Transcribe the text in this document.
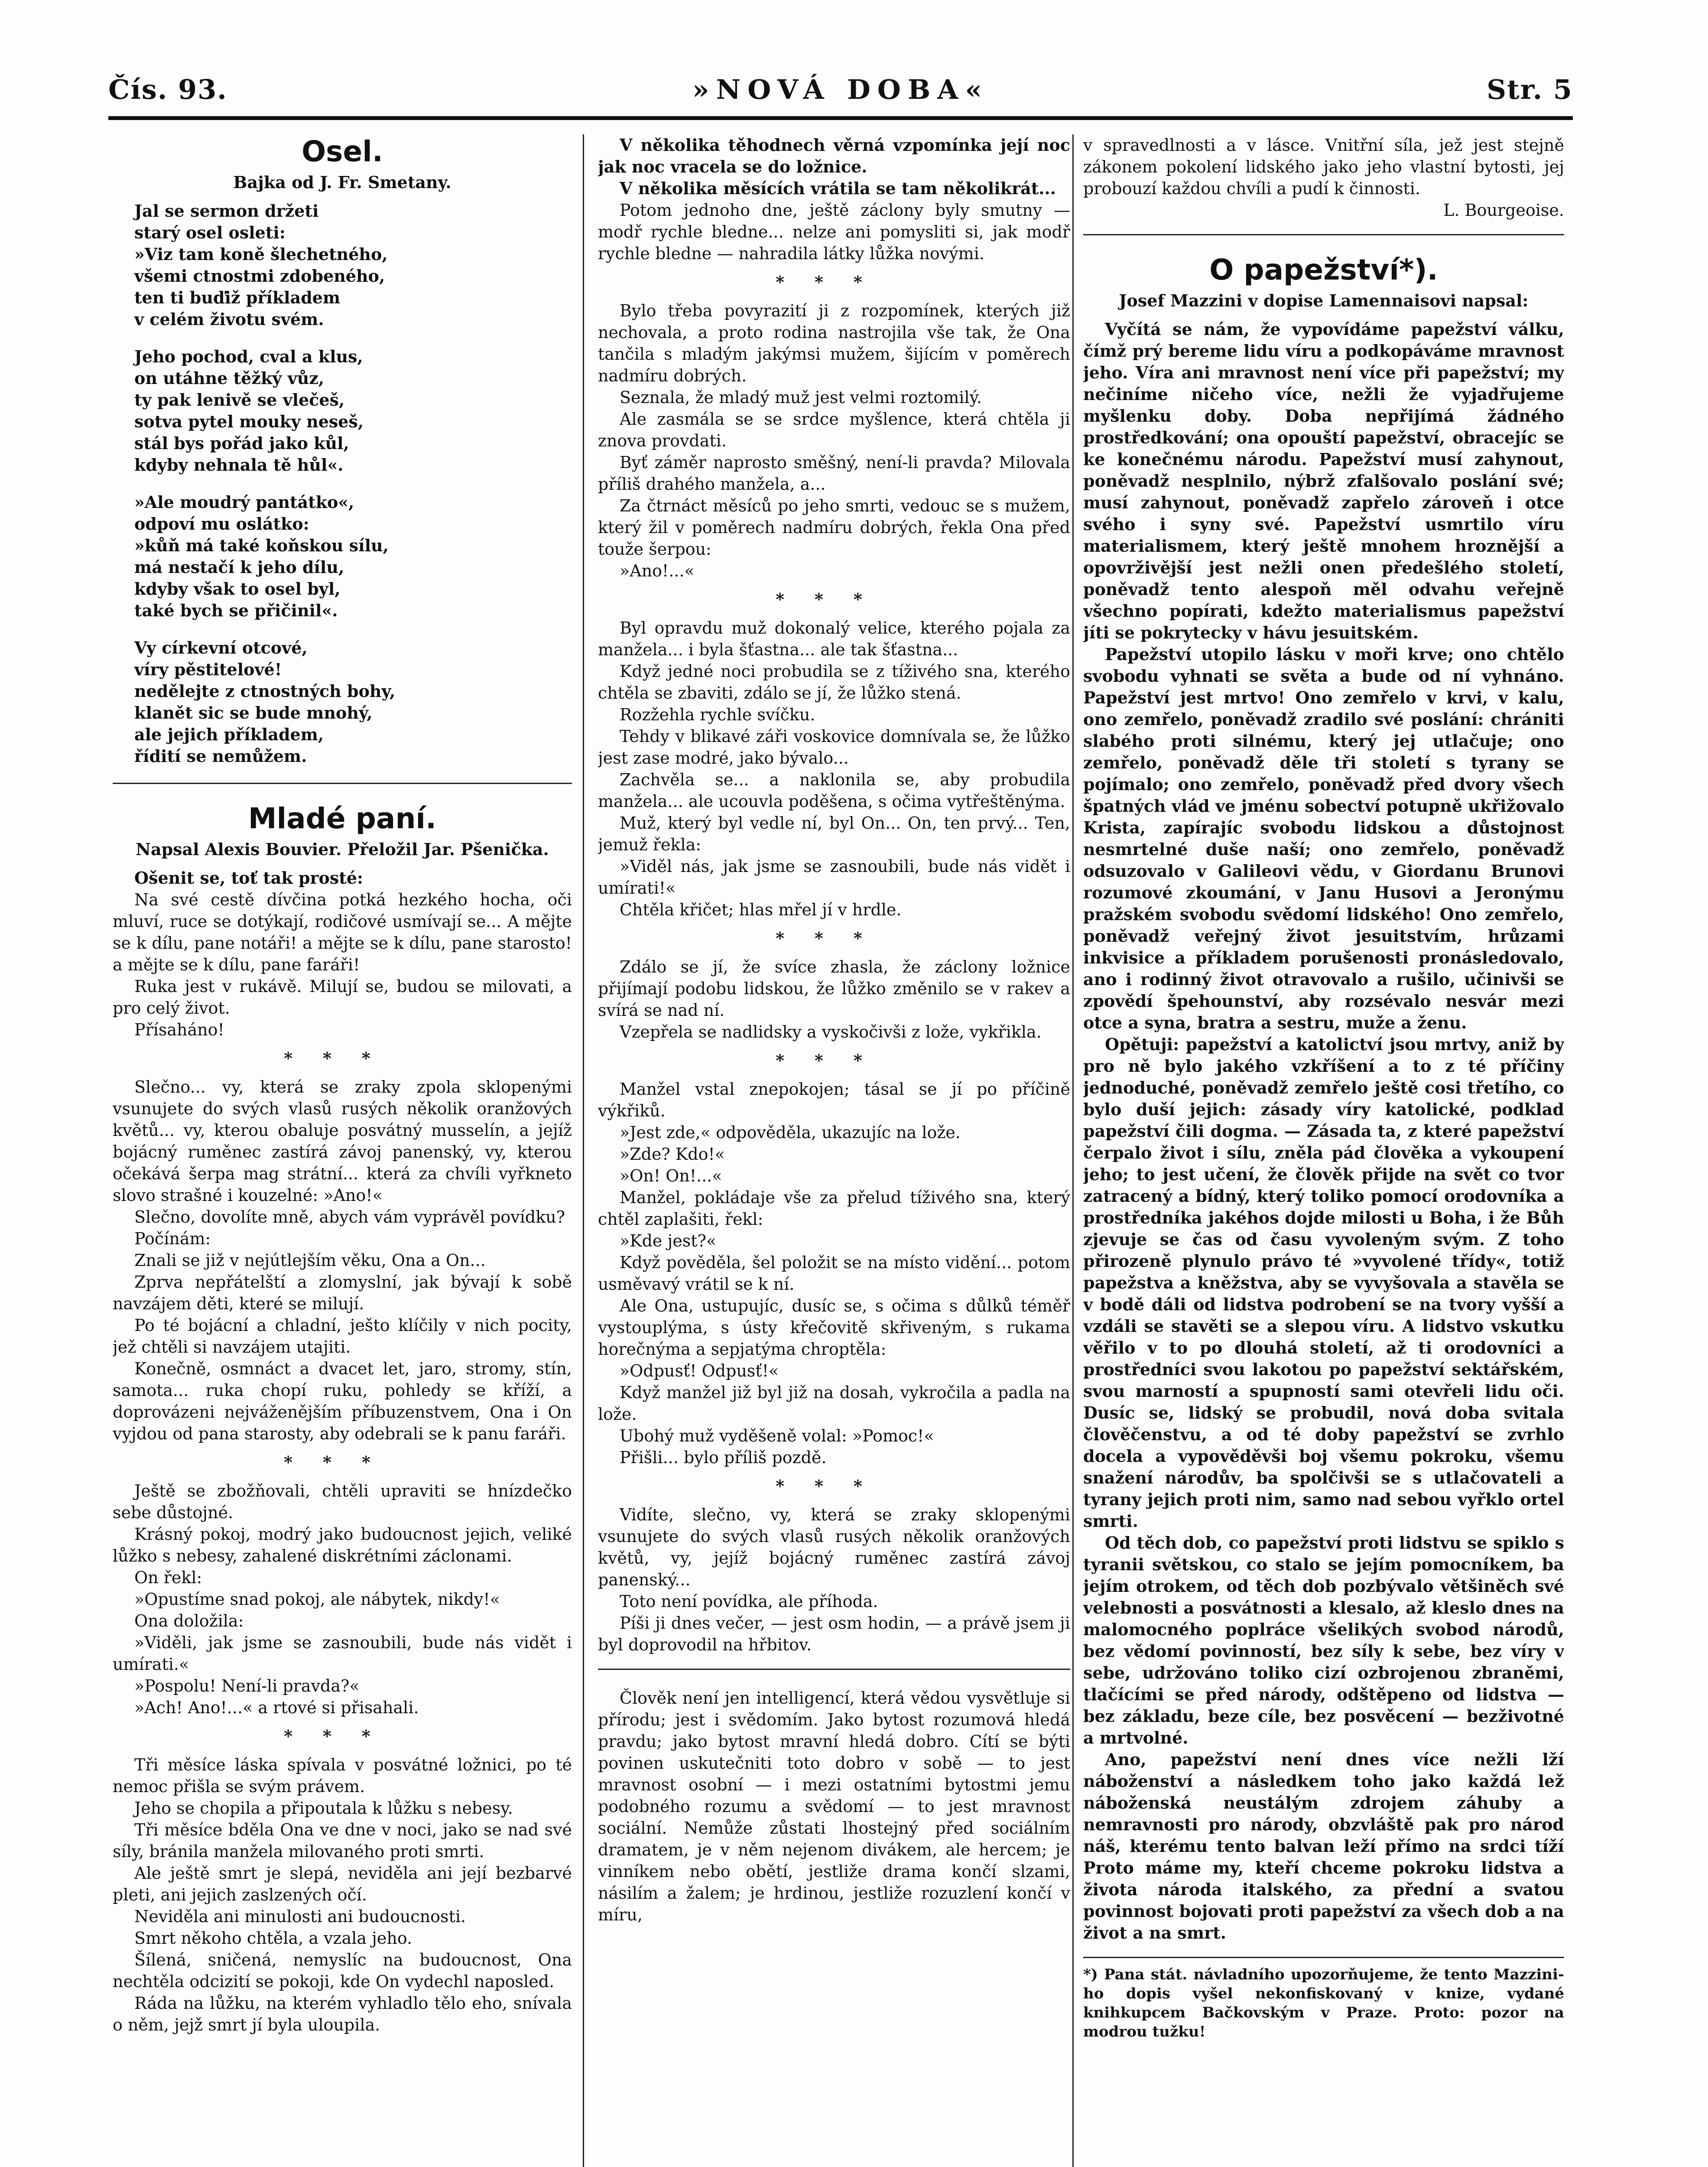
Čís. 93.	»NOVÁ DOBA«	Str. 5
Osel.
Bajka od J. Fr. Smetany.

Jal se sermon držeti
starý osel osleti:
»Viz tam koně šlechetného,
všemi ctnostmi zdobeného,
ten ti buďiž příkladem
v celém životu svém.

Jeho pochod, cval a klus,
on utáhne těžký vůz,
ty pak lenivě se vlečeš,
sotva pytel mouky neseš,
stál bys pořád jako kůl,
kdyby nehnala tě hůl«.

»Ale moudrý pantátko«,
odpoví mu oslátko:
»kůň má také koňskou sílu,
má nestačí k jeho dílu,
kdyby však to osel byl,
také bych se přičinil«.

Vy církevní otcové,
víry pěstitelové!
nedělejte z ctnostných bohy,
klanět sic se bude mnohý,
ale jejich příkladem,
řídití se nemůžem.

Mladé paní.
Napsal Alexis Bouvier. Přeložil Jar. Pšenička.

Ošenit se, toť tak prosté:

Na své cestě dívčina potká hezkého hocha, oči mluví, ruce se dotýkají, rodičové usmívají se... A mějte se k dílu, pane notáři! a mějte se k dílu, pane starosto! a mějte se k dílu, pane faráři!

Ruka jest v rukávě. Milují se, budou se milovati, a pro celý život.

Přísaháno!

***

Slečno... vy, která se zraky zpola sklopenými vsunujete do svých vlasů rusých několik oranžových květů... vy, kterou obaluje posvátný musselín, a jejíž bojácný ruměnec zastírá závoj panenský, vy, kterou očekává šerpa mag strátní... která za chvíli vyřkneto slovo strašné i kouzelné: »Ano!«

Slečno, dovolíte mně, abych vám vyprávěl povídku?

Počínám:

Znali se již v nejútlejším věku, Ona a On...

Zprva nepřátelští a zlomyslní, jak bývají k sobě navzájem děti, které se milují.

Po té bojácní a chladní, ješto klíčily v nich pocity, jež chtěli si navzájem utajiti.

Konečně, osmnáct a dvacet let, jaro, stromy, stín, samota... ruka chopí ruku, pohledy se kříží, a doprovázeni nejváženějším příbuzenstvem, Ona i On vyjdou od pana starosty, aby odebrali se k panu faráři.

***

Ještě se zbožňovali, chtěli upraviti se hnízdečko sebe důstojné.

Krásný pokoj, modrý jako budoucnost jejich, veliké lůžko s nebesy, zahalené diskrétními záclonami.

On řekl:

»Opustíme snad pokoj, ale nábytek, nikdy!«

Ona doložila:

»Viděli, jak jsme se zasnoubili, bude nás vidět i umírati.«

»Pospolu! Není-li pravda?«

»Ach! Ano!...« a rtové si přisahali.

***

Tři měsíce láska spívala v posvátné ložnici, po té nemoc přišla se svým právem.

Jeho se chopila a připoutala k lůžku s nebesy.

Tři měsíce bděla Ona ve dne v noci, jako se nad své síly, bránila manžela milovaného proti smrti.

Ale ještě smrt je slepá, neviděla ani její bezbarvé pleti, ani jejich zaslzených očí.

Neviděla ani minulosti ani budoucnosti.

Smrt někoho chtěla, a vzala jeho.

Šílená, sničená, nemyslíc na budoucnost, Ona nechtěla odcizití se pokoji, kde On vydechl naposled.

Ráda na lůžku, na kterém vyhladlo tělo eho, snívala o něm, jejž smrt jí byla uloupila.

V několika těhodnech věrná vzpomínka její noc jak noc vracela se do ložnice.

V několika měsících vrátila se tam několikrát...

Potom jednoho dne, ještě záclony byly smutny — modř rychle bledne... nelze ani pomysliti si, jak modř rychle bledne — nahradila látky lůžka novými.

***

Bylo třeba povyrazití ji z rozpomínek, kterých již nechovala, a proto rodina nastrojila vše tak, že Ona tančila s mladým jakýmsi mužem, šijícím v poměrech nadmíru dobrých.

Seznala, že mladý muž jest velmi roztomilý.

Ale zasmála se se srdce myšlence, která chtěla ji znova provdati.

Byť záměr naprosto směšný, není-li pravda? Milovala příliš drahého manžela, a...

Za čtrnáct měsíců po jeho smrti, vedouc se s mužem, který žil v poměrech nadmíru dobrých, řekla Ona před touže šerpou:

»Ano!...«

***

Byl opravdu muž dokonalý velice, kterého pojala za manžela... i byla šťastna... ale tak šťastna...

Když jedné noci probudila se z tíživého sna, kterého chtěla se zbaviti, zdálo se jí, že lůžko stená.

Rozžehla rychle svíčku.

Tehdy v blikavé záři voskovice domnívala se, že lůžko jest zase modré, jako bývalo...

Zachvěla se... a naklonila se, aby probudila manžela... ale ucouvla poděšena, s očima vytřeštěnýma.

Muž, který byl vedle ní, byl On... On, ten prvý... Ten, jemuž řekla:

»Viděl nás, jak jsme se zasnoubili, bude nás vidět i umírati!«

Chtěla křičet; hlas mřel jí v hrdle.

***

Zdálo se jí, že svíce zhasla, že záclony ložnice přijímají podobu lidskou, že lůžko změnilo se v rakev a svírá se nad ní.

Vzepřela se nadlidsky a vyskočivši z lože, vykřikla.

***

Manžel vstal znepokojen; tásal se jí po příčině výkřiků.

»Jest zde,« odpověděla, ukazujíc na lože.

»Zde? Kdo!«

»On! On!...«

Manžel, pokládaje vše za přelud tíživého sna, který chtěl zaplašiti, řekl:

»Kde jest?«

Když pověděla, šel položit se na místo vidění... potom usměvavý vrátil se k ní.

Ale Ona, ustupujíc, dusíc se, s očima s důlků téměř vystouplýma, s ústy křečovitě skřiveným, s rukama horečnýma a sepjatýma chroptěla:

»Odpusť! Odpusť!«

Když manžel již byl již na dosah, vykročila a padla na lože.

Ubohý muž vyděšeně volal: »Pomoc!«

Přišli... bylo příliš pozdě.

***

Vidíte, slečno, vy, která se zraky sklopenými vsunujete do svých vlasů rusých několik oranžových květů, vy, jejíž bojácný ruměnec zastírá závoj panenský...

Toto není povídka, ale příhoda.

Píši ji dnes večer, — jest osm hodin, — a právě jsem ji byl doprovodil na hřbitov.

Člověk není jen intelligencí, která vědou vysvětluje si přírodu; jest i svědomím. Jako bytost rozumová hledá pravdu; jako bytost mravní hledá dobro. Cítí se býti povinen uskutečniti toto dobro v sobě — to jest mravnost osobní — i mezi ostatními bytostmi jemu podobného rozumu a svědomí — to jest mravnost sociální. Nemůže zůstati lhostejný před sociálním dramatem, je v něm nejenom divákem, ale hercem; je vinníkem nebo obětí, jestliže drama končí slzami, násilím a žalem; je hrdinou, jestliže rozuzlení končí v míru,

v spravedlnosti a v lásce. Vnitřní síla, jež jest stejně zákonem pokolení lidského jako jeho vlastní bytosti, jej probouzí každou chvíli a pudí k činnosti.

L. Bourgeoise.
O papežství*).
Josef Mazzini v dopise Lamennaisovi napsal:

Vyčítá se nám, že vypovídáme papežství válku, čímž prý bereme lidu víru a podkopáváme mravnost jeho. Víra ani mravnost není více při papežství; my nečiníme ničeho více, nežli že vyjadřujeme myšlenku doby. Doba nepřijímá žádného prostředkování; ona opouští papežství, obracejíc se ke konečnému národu. Papežství musí zahynout, poněvadž nesplnilo, nýbrž zfalšovalo poslání své; musí zahynout, poněvadž zapřelo zároveň i otce svého i syny své. Papežství usmrtilo víru materialismem, který ještě mnohem hroznější a opovrživější jest nežli onen předešlého století, poněvadž tento alespoň měl odvahu veřejně všechno popírati, kdežto materialismus papežství jíti se pokrytecky v hávu jesuitském.

Papežství utopilo lásku v moři krve; ono chtělo svobodu vyhnati se světa a bude od ní vyhnáno. Papežství jest mrtvo! Ono zemřelo v krvi, v kalu, ono zemřelo, poněvadž zradilo své poslání: chrániti slabého proti silnému, který jej utlačuje; ono zemřelo, poněvadž děle tři století s tyrany se pojímalo; ono zemřelo, poněvadž před dvory všech špatných vlád ve jménu sobectví potupně ukřižovalo Krista, zapírajíc svobodu lidskou a důstojnost nesmrtelné duše naší; ono zemřelo, poněvadž odsuzovalo v Galileovi vědu, v Giordanu Brunovi rozumové zkoumání, v Janu Husovi a Jeronýmu pražském svobodu svědomí lidského! Ono zemřelo, poněvadž veřejný život jesuitstvím, hrůzami inkvisice a příkladem porušenosti pronásledovalo, ano i rodinný život otravovalo a rušilo, učinivši se zpovědí špehounství, aby rozsévalo nesvár mezi otce a syna, bratra a sestru, muže a ženu.

Opětuji: papežství a katolictví jsou mrtvy, aniž by pro ně bylo jakého vzkříšení a to z té příčiny jednoduché, poněvadž zemřelo ještě cosi třetího, co bylo duší jejich: zásady víry katolické, podklad papežství čili dogma. — Zásada ta, z které papežství čerpalo život i sílu, zněla pád člověka a vykoupení jeho; to jest učení, že člověk přijde na svět co tvor zatracený a bídný, který toliko pomocí orodovníka a prostředníka jakéhos dojde milosti u Boha, i že Bůh zjevuje se čas od času vyvoleným svým. Z toho přirozeně plynulo právo té »vyvolené třídy«, totiž papežstva a kněžstva, aby se vyvyšovala a stavěla se v bodě dáli od lidstva podrobení se na tvory vyšší a vzdáli se stavěti se a slepou víru. A lidstvo vskutku věřilo v to po dlouhá století, až ti orodovníci a prostředníci svou lakotou po papežství sektářském, svou marností a spupností sami otevřeli lidu oči. Dusíc se, lidský se probudil, nová doba svitala člověčenstvu, a od té doby papežství se zvrhlo docela a vypověděvši boj všemu pokroku, všemu snažení národův, ba spolčivši se s utlačovateli a tyrany jejich proti nim, samo nad sebou vyřklo ortel smrti.

Od těch dob, co papežství proti lidstvu se spiklo s tyranii světskou, co stalo se jejím pomocníkem, ba jejím otrokem, od těch dob pozbývalo většiněch své velebnosti a posvátnosti a klesalo, až kleslo dnes na malomocného poplráce všelikých svobod národů, bez vědomí povinností, bez síly k sebe, bez víry v sebe, udržováno toliko cizí ozbrojenou zbraněmi, tlačícími se před národy, odštěpeno od lidstva — bez základu, beze cíle, bez posvěcení — bezživotné a mrtvolné.

Ano, papežství není dnes více nežli lží náboženství a následkem toho jako každá lež náboženská neustálým zdrojem záhuby a nemravnosti pro národy, obzvláště pak pro národ náš, kterému tento balvan leží přímo na srdci tíží Proto máme my, kteří chceme pokroku lidstva a života národa italského, za přední a svatou povinnost bojovati proti papežství za všech dob a na život a na smrt.

*) Pana stát. návladního upozorňujeme, že tento Mazzini-ho dopis vyšel nekonfiskovaný v knize, vydané knihkupcem Bačkovským v Praze. Proto: pozor na modrou tužku!
